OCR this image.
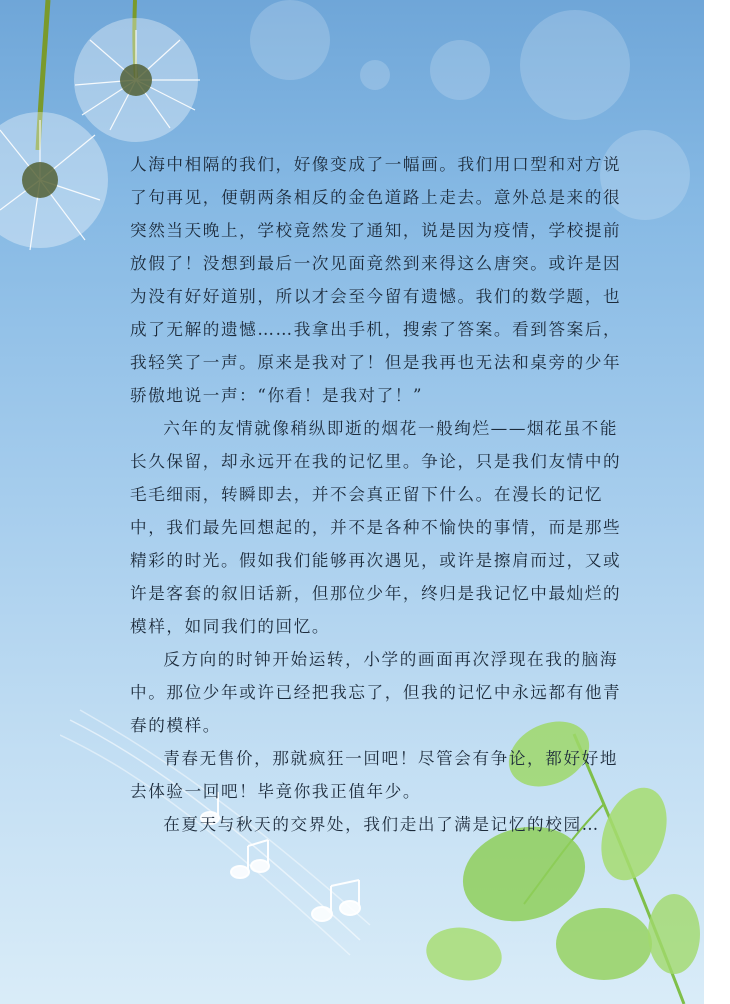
人海中相隔的我们，好像变成了一幅画。我们用口型和对方说了句再见，便朝两条相反的金色道路上走去。意外总是来的很突然当天晚上，学校竟然发了通知，说是因为疫情，学校提前放假了！没想到最后一次见面竟然到来得这么唐突。或许是因为没有好好道别，所以才会至今留有遗憾。我们的数学题，也成了无解的遗憾……我拿出手机，搜索了答案。看到答案后，我轻笑了一声。原来是我对了！但是我再也无法和桌旁的少年骄傲地说一声：“你看！是我对了！”

六年的友情就像稍纵即逝的烟花一般绚烂——烟花虽不能长久保留，却永远开在我的记忆里。争论，只是我们友情中的毛毛细雨，转瞬即去，并不会真正留下什么。在漫长的记忆中，我们最先回想起的，并不是各种不愉快的事情，而是那些精彩的时光。假如我们能够再次遇见，或许是擦肩而过，又或许是客套的叙旧话新，但那位少年，终归是我记忆中最灿烂的模样，如同我们的回忆。

反方向的时钟开始运转，小学的画面再次浮现在我的脑海中。那位少年或许已经把我忘了，但我的记忆中永远都有他青春的模样。

青春无售价，那就疯狂一回吧！尽管会有争论，都好好地去体验一回吧！毕竟你我正值年少。

在夏天与秋天的交界处，我们走出了满是记忆的校园…
